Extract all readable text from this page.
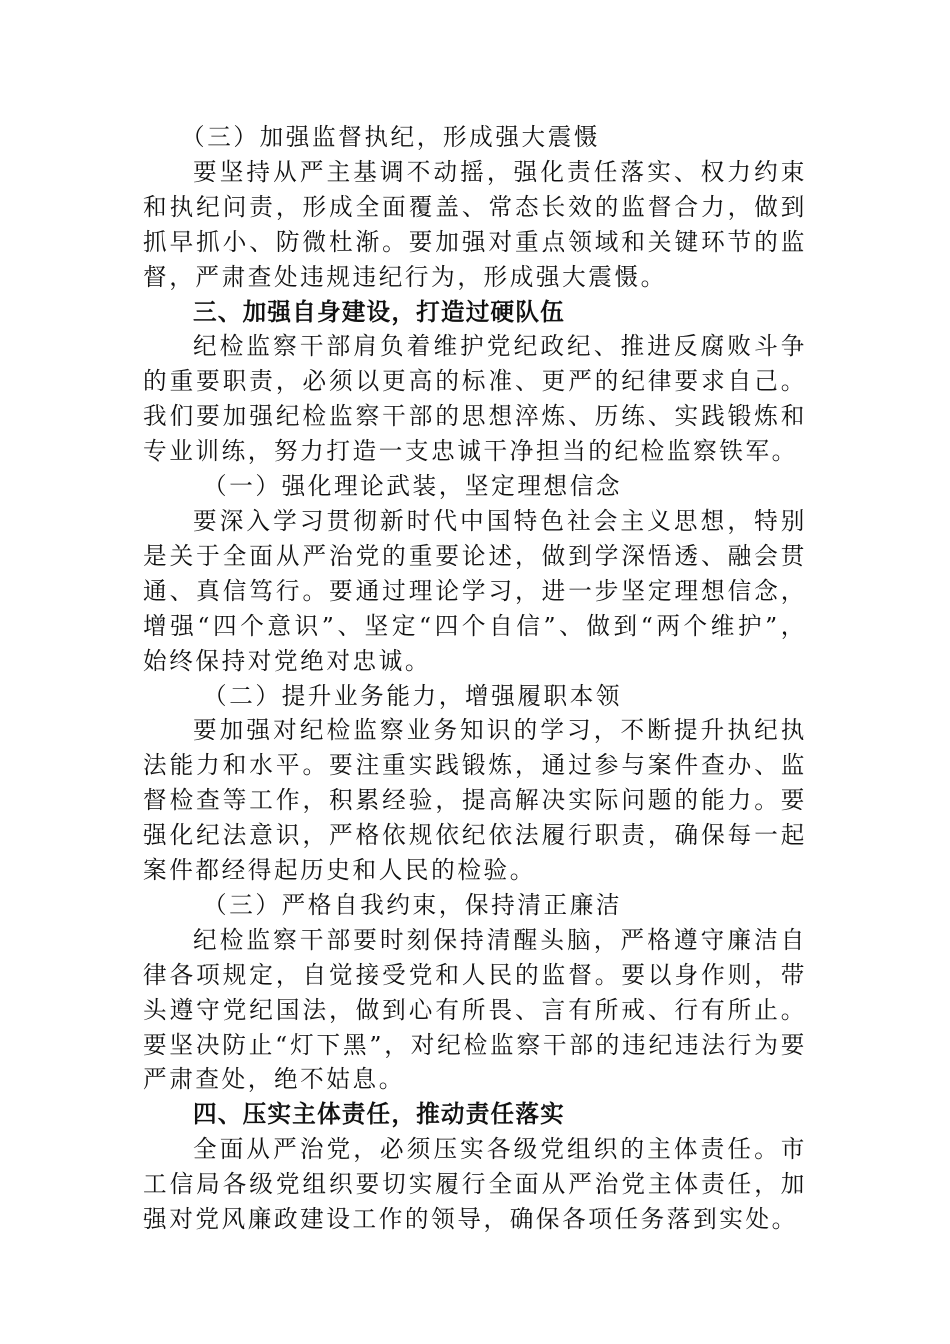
（三）加强监督执纪，形成强大震慑

要坚持从严主基调不动摇，强化责任落实、权力约束和执纪问责，形成全面覆盖、常态长效的监督合力，做到抓早抓小、防微杜渐。要加强对重点领域和关键环节的监督，严肃查处违规违纪行为，形成强大震慑。

三、加强自身建设，打造过硬队伍

纪检监察干部肩负着维护党纪政纪、推进反腐败斗争的重要职责，必须以更高的标准、更严的纪律要求自己。我们要加强纪检监察干部的思想淬炼、历练、实践锻炼和专业训练，努力打造一支忠诚干净担当的纪检监察铁军。

（一）强化理论武装，坚定理想信念

要深入学习贯彻新时代中国特色社会主义思想，特别是关于全面从严治党的重要论述，做到学深悟透、融会贯通、真信笃行。要通过理论学习，进一步坚定理想信念，增强“四个意识”、坚定“四个自信”、做到“两个维护”，始终保持对党绝对忠诚。

（二）提升业务能力，增强履职本领

要加强对纪检监察业务知识的学习，不断提升执纪执法能力和水平。要注重实践锻炼，通过参与案件查办、监督检查等工作，积累经验，提高解决实际问题的能力。要强化纪法意识，严格依规依纪依法履行职责，确保每一起案件都经得起历史和人民的检验。

（三）严格自我约束，保持清正廉洁

纪检监察干部要时刻保持清醒头脑，严格遵守廉洁自律各项规定，自觉接受党和人民的监督。要以身作则，带头遵守党纪国法，做到心有所畏、言有所戒、行有所止。要坚决防止“灯下黑”，对纪检监察干部的违纪违法行为要严肃查处，绝不姑息。

四、压实主体责任，推动责任落实

全面从严治党，必须压实各级党组织的主体责任。市工信局各级党组织要切实履行全面从严治党主体责任，加强对党风廉政建设工作的领导，确保各项任务落到实处。
